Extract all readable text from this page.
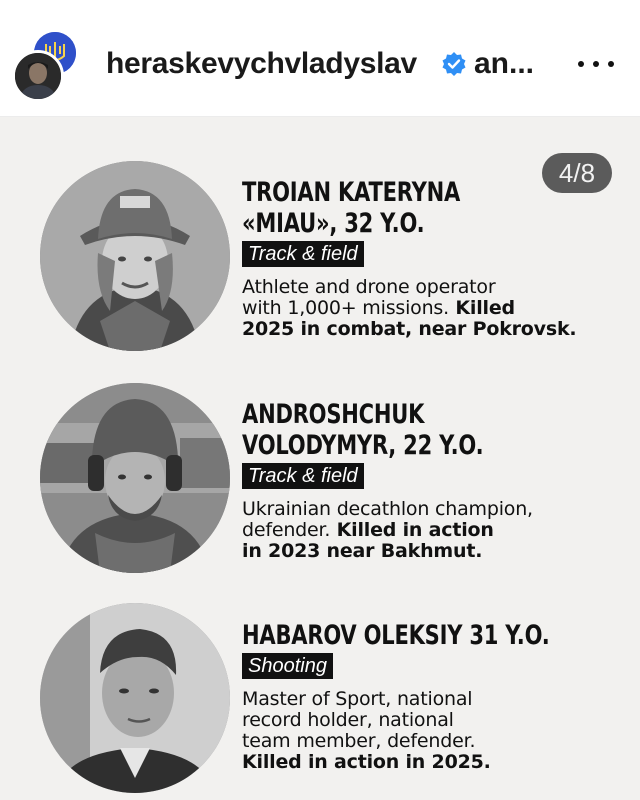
heraskevychvladyslav an...
4/8
TROIAN KATERYNA
«MIAU», 32 Y.O.
Track & field
Athlete and drone operator
with 1,000+ missions. Killed
2025 in combat, near Pokrovsk.
ANDROSHCHUK
VOLODYMYR, 22 Y.O.
Track & field
Ukrainian decathlon champion,
defender. Killed in action
in 2023 near Bakhmut.
HABAROV OLEKSIY 31 Y.O.
Shooting
Master of Sport, national
record holder, national
team member, defender.
Killed in action in 2025.
